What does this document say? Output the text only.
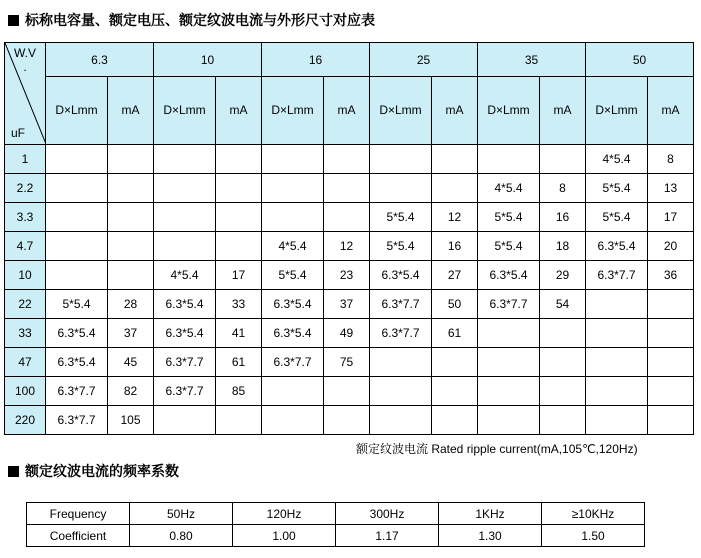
标称电容量、额定电压、额定纹波电流与外形尺寸对应表
W.V
.
uF	6.3		10		16		25		35		50	
	D×Lmm	mA	D×Lmm	mA	D×Lmm	mA	D×Lmm	mA	D×Lmm	mA	D×Lmm	mA
1											4*5.4	8
2.2									4*5.4	8	5*5.4	13
3.3							5*5.4	12	5*5.4	16	5*5.4	17
4.7					4*5.4	12	5*5.4	16	5*5.4	18	6.3*5.4	20
10			4*5.4	17	5*5.4	23	6.3*5.4	27	6.3*5.4	29	6.3*7.7	36
22	5*5.4	28	6.3*5.4	33	6.3*5.4	37	6.3*7.7	50	6.3*7.7	54		
33	6.3*5.4	37	6.3*5.4	41	6.3*5.4	49	6.3*7.7	61				
47	6.3*5.4	45	6.3*7.7	61	6.3*7.7	75						
100	6.3*7.7	82	6.3*7.7	85								
220	6.3*7.7	105										
额定纹波电流 Rated ripple current(mA,105℃,120Hz)
额定纹波电流的频率系数
Frequency	50Hz	120Hz	300Hz	1KHz	≥10KHz
Coefficient	0.80	1.00	1.17	1.30	1.50
